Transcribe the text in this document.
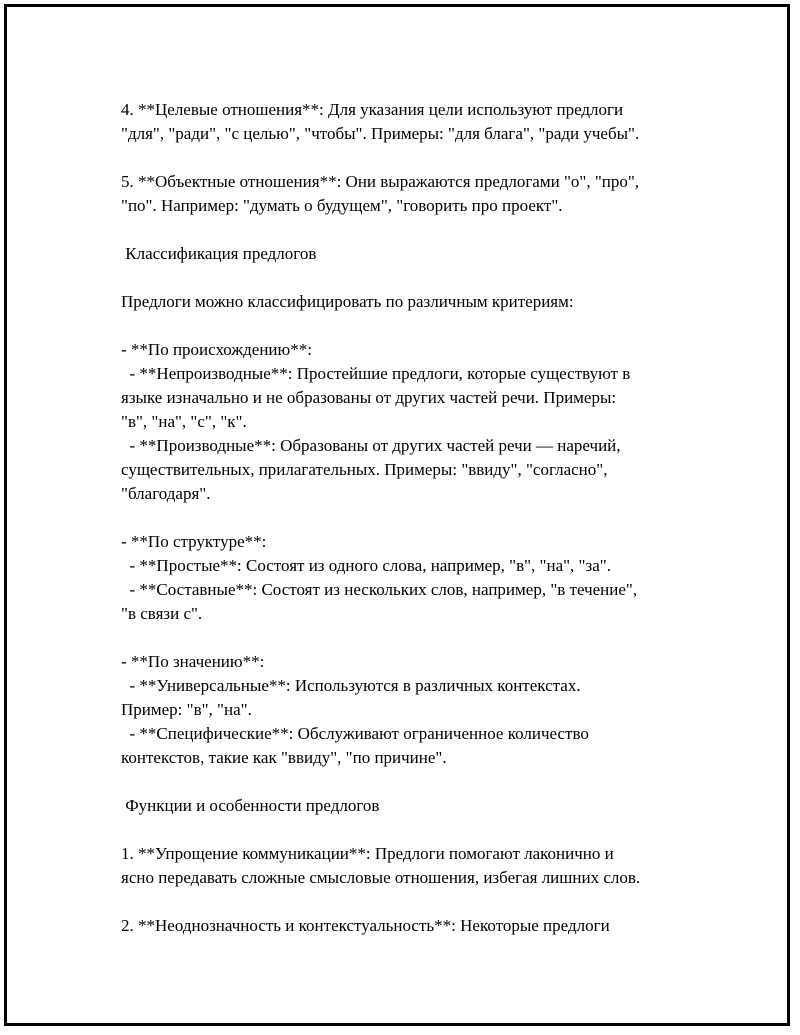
4. **Целевые отношения**: Для указания цели используют предлоги
"для", "ради", "с целью", "чтобы". Примеры: "для блага", "ради учебы".
5. **Объектные отношения**: Они выражаются предлогами "о", "про",
"по". Например: "думать о будущем", "говорить про проект".
Классификация предлогов
Предлоги можно классифицировать по различным критериям:
- **По происхождению**:
- **Непроизводные**: Простейшие предлоги, которые существуют в
языке изначально и не образованы от других частей речи. Примеры:
"в", "на", "с", "к".
- **Производные**: Образованы от других частей речи — наречий,
существительных, прилагательных. Примеры: "ввиду", "согласно",
"благодаря".
- **По структуре**:
- **Простые**: Состоят из одного слова, например, "в", "на", "за".
- **Составные**: Состоят из нескольких слов, например, "в течение",
"в связи с".
- **По значению**:
- **Универсальные**: Используются в различных контекстах.
Пример: "в", "на".
- **Специфические**: Обслуживают ограниченное количество
контекстов, такие как "ввиду", "по причине".
Функции и особенности предлогов
1. **Упрощение коммуникации**: Предлоги помогают лаконично и
ясно передавать сложные смысловые отношения, избегая лишних слов.
2. **Неоднозначность и контекстуальность**: Некоторые предлоги
